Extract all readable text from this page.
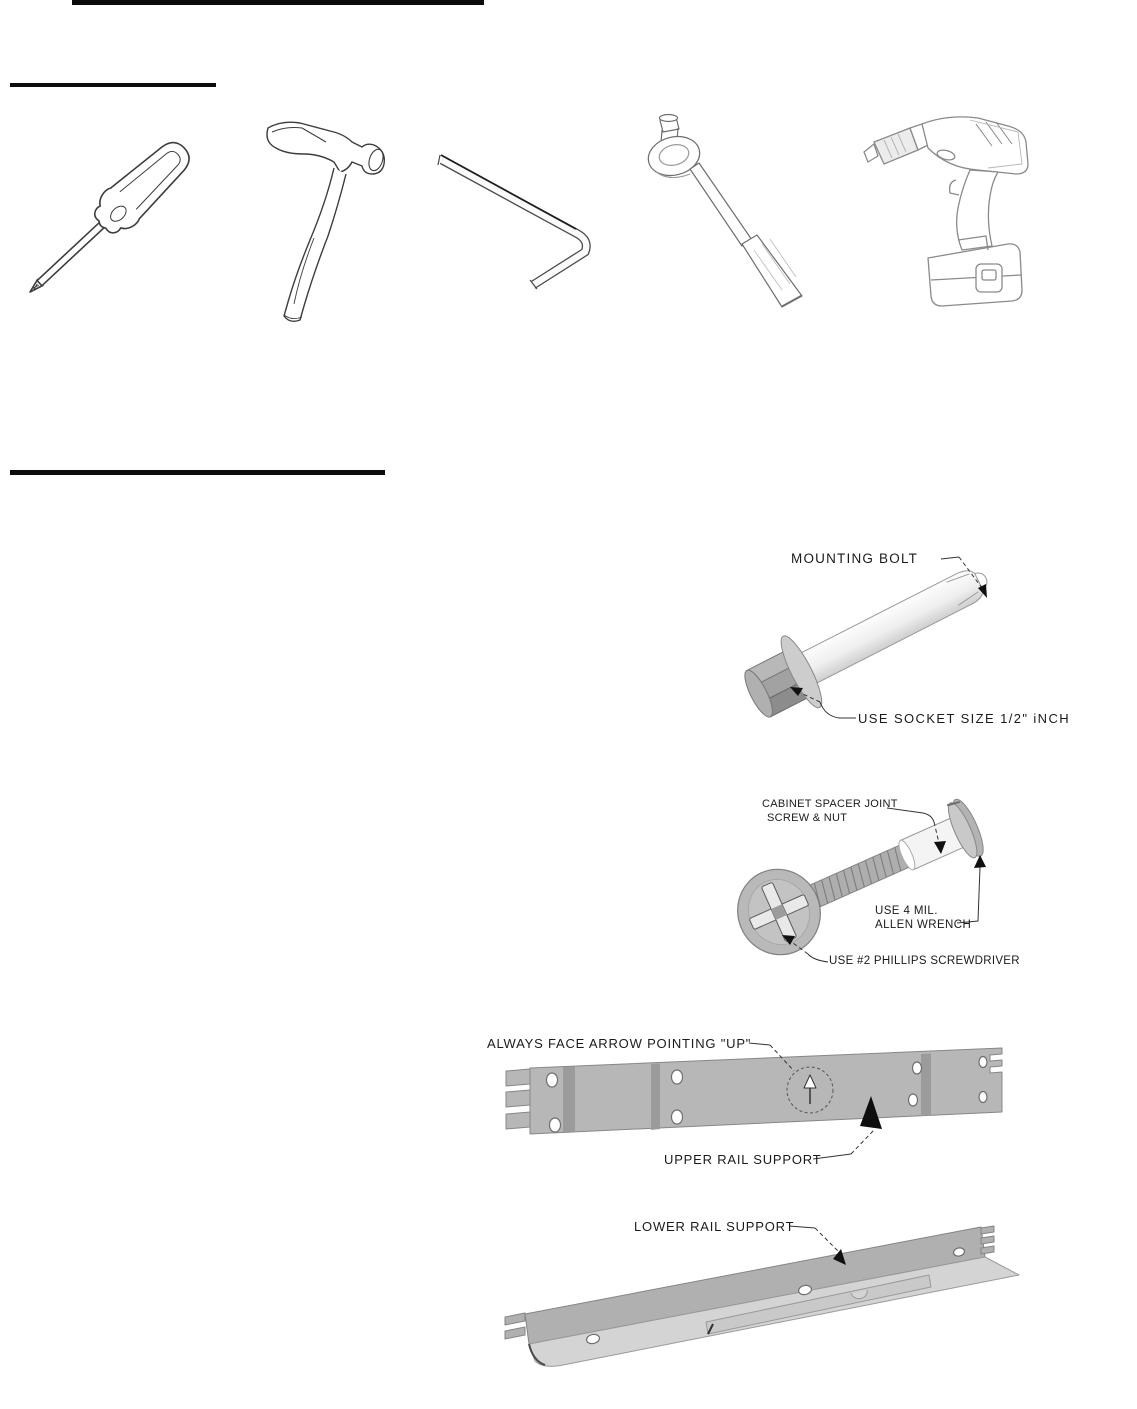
MOUNTING BOLT
USE SOCKET SIZE 1/2" iNCH
CABINET SPACER JOINT
SCREW & NUT
USE 4 MIL.
ALLEN WRENCH
USE #2 PHILLIPS SCREWDRIVER
ALWAYS FACE ARROW POINTING "UP"
UPPER RAIL SUPPORT
LOWER RAIL SUPPORT
